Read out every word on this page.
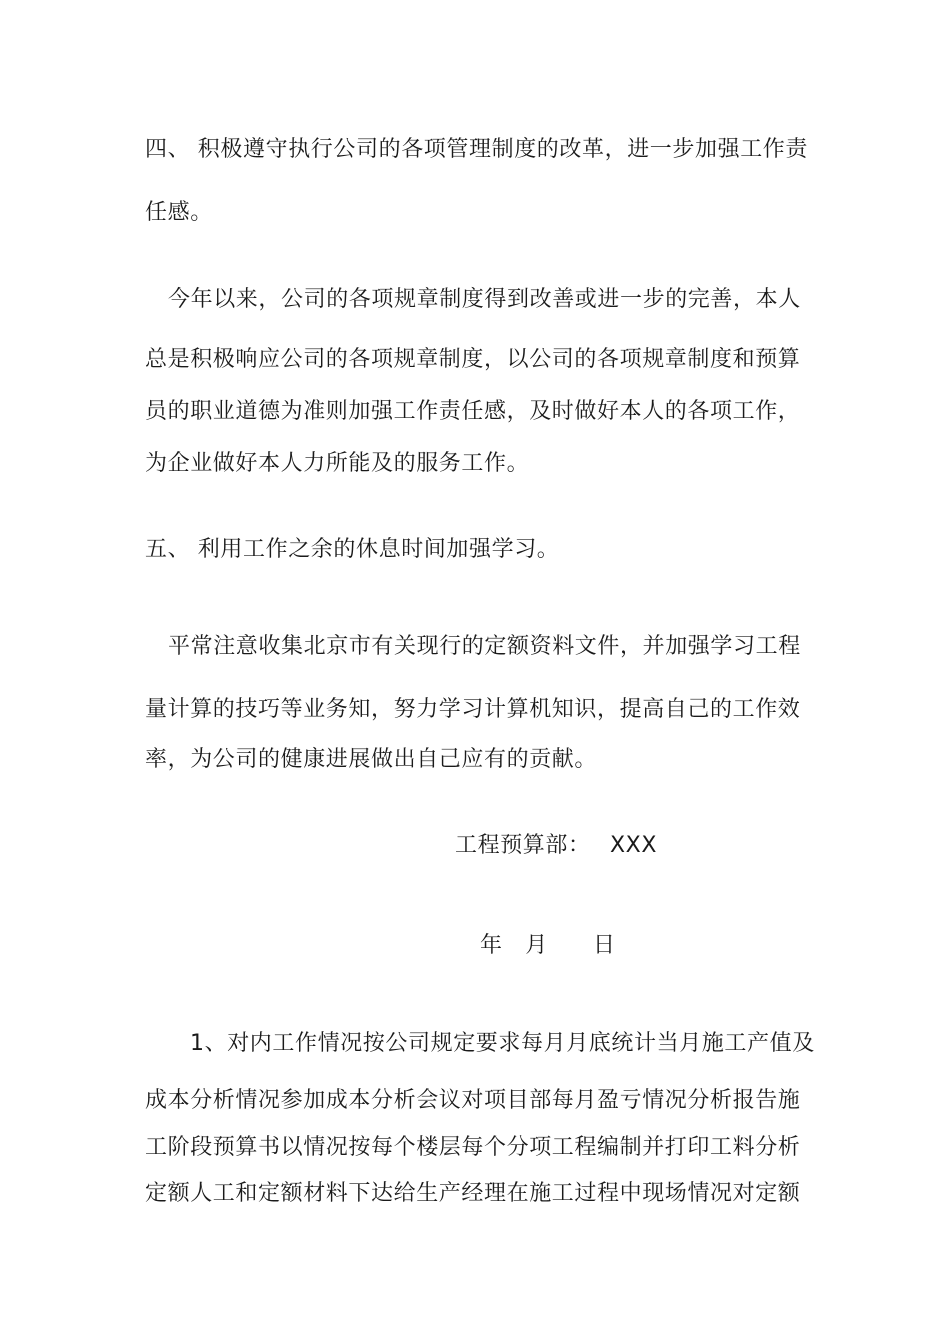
四、 积极遵守执行公司的各项管理制度的改革，进一步加强工作责
任感。
今年以来，公司的各项规章制度得到改善或进一步的完善，本人
总是积极响应公司的各项规章制度，以公司的各项规章制度和预算
员的职业道德为准则加强工作责任感，及时做好本人的各项工作，
为企业做好本人力所能及的服务工作。
五、 利用工作之余的休息时间加强学习。
平常注意收集北京市有关现行的定额资料文件，并加强学习工程
量计算的技巧等业务知，努力学习计算机知识，提高自己的工作效
率，为公司的健康进展做出自己应有的贡献。
工程预算部： XXX
年　月　　日
1、对内工作情况按公司规定要求每月月底统计当月施工产值及
成本分析情况参加成本分析会议对项目部每月盈亏情况分析报告施
工阶段预算书以情况按每个楼层每个分项工程编制并打印工料分析
定额人工和定额材料下达给生产经理在施工过程中现场情况对定额
